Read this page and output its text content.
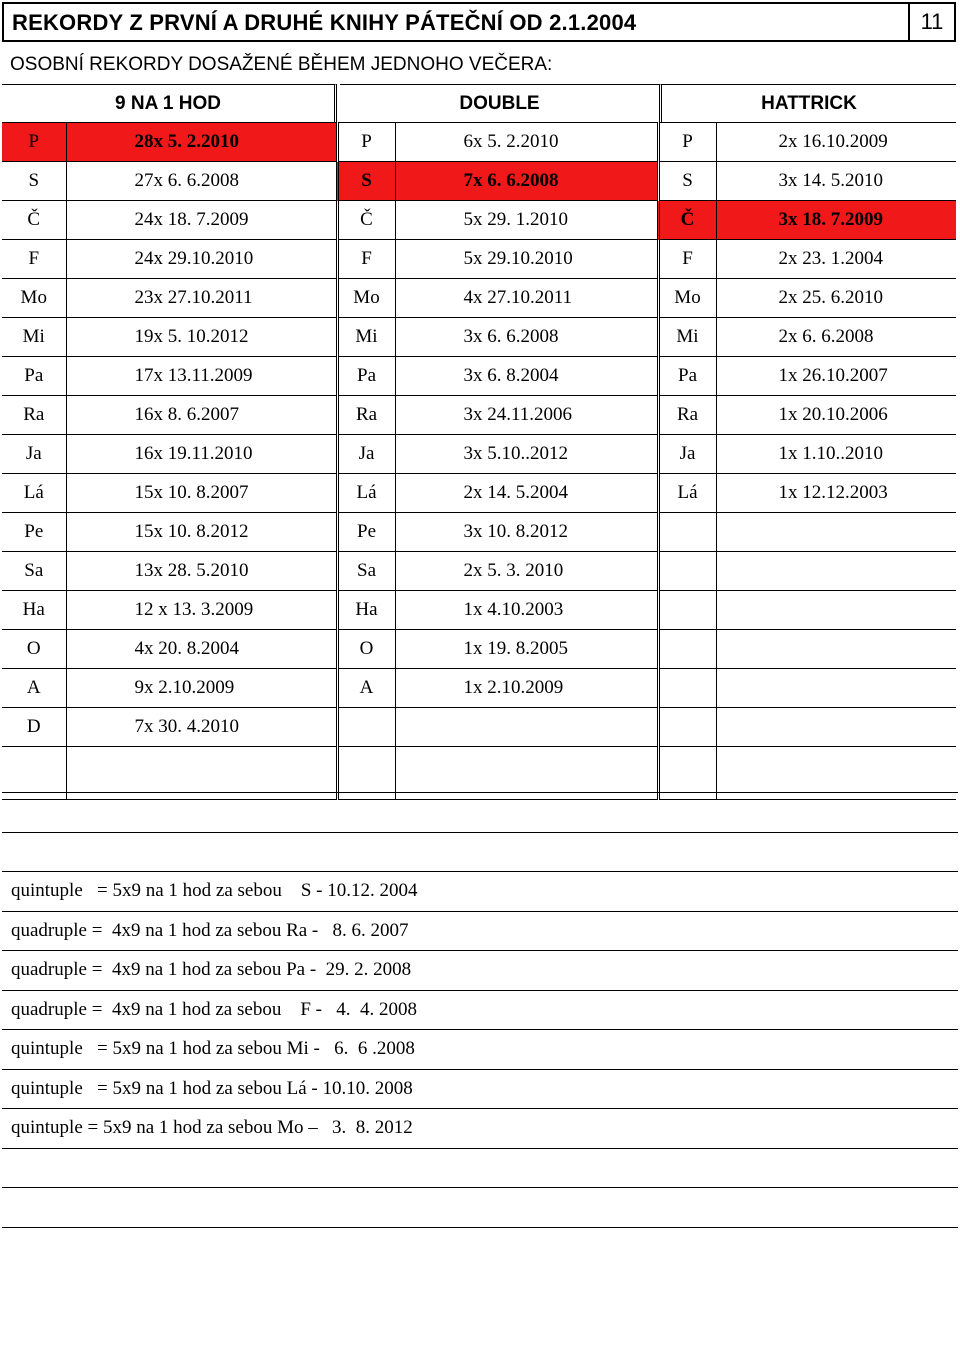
REKORDY Z PRVNÍ A DRUHÉ KNIHY PÁTEČNÍ OD 2.1.2004	11
OSOBNÍ REKORDY DOSAŽENÉ BĚHEM JEDNOHO VEČERA:
9 NA 1 HOD	DOUBLE	HATTRICK
P	28x 5. 2.2010	P	6x 5. 2.2010	P	2x 16.10.2009
S	27x 6. 6.2008	S	7x 6. 6.2008	S	3x 14. 5.2010
Č	24x 18. 7.2009	Č	5x 29. 1.2010	Č	3x 18. 7.2009
F	24x 29.10.2010	F	5x 29.10.2010	F	2x 23. 1.2004
Mo	23x 27.10.2011	Mo	4x 27.10.2011	Mo	2x 25. 6.2010
Mi	19x 5. 10.2012	Mi	3x 6. 6.2008	Mi	2x 6. 6.2008
Pa	17x 13.11.2009	Pa	3x 6. 8.2004	Pa	1x 26.10.2007
Ra	16x 8. 6.2007	Ra	3x 24.11.2006	Ra	1x 20.10.2006
Ja	16x 19.11.2010	Ja	3x 5.10..2012	Ja	1x 1.10..2010
Lá	15x 10. 8.2007	Lá	2x 14. 5.2004	Lá	1x 12.12.2003
Pe	15x 10. 8.2012	Pe	3x 10. 8.2012		
Sa	13x 28. 5.2010	Sa	2x 5. 3. 2010		
Ha	12 x 13. 3.2009	Ha	1x 4.10.2003		
O	4x 20. 8.2004	O	1x 19. 8.2005		
A	9x 2.10.2009	A	1x 2.10.2009		
D	7x 30. 4.2010				

quintuple   = 5x9 na 1 hod za sebou    S - 10.12. 2004
quadruple =  4x9 na 1 hod za sebou Ra -   8. 6. 2007
quadruple =  4x9 na 1 hod za sebou Pa -  29. 2. 2008
quadruple =  4x9 na 1 hod za sebou    F -   4.  4. 2008
quintuple   = 5x9 na 1 hod za sebou Mi -   6.  6 .2008
quintuple   = 5x9 na 1 hod za sebou Lá - 10.10. 2008
quintuple = 5x9 na 1 hod za sebou Mo –   3.  8. 2012
